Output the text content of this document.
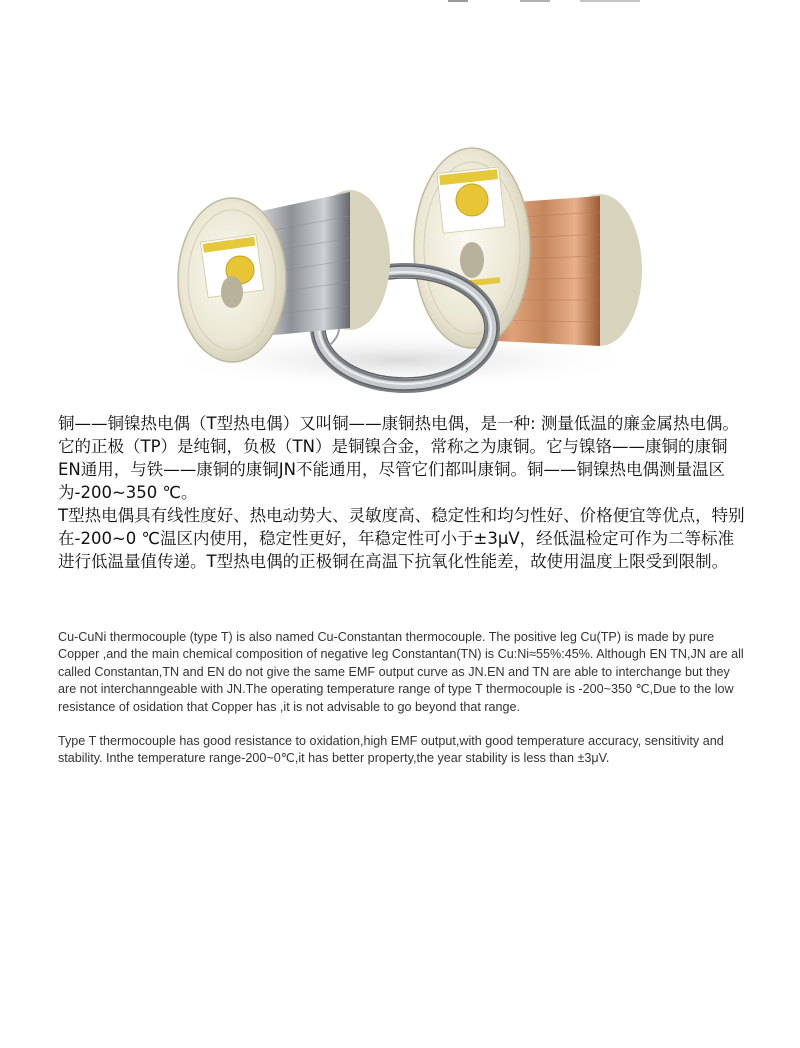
铜——铜镍热电偶（T型热电偶）又叫铜——康铜热电偶，是一种: 测量低温的廉金属热电偶。它的正极（TP）是纯铜，负极（TN）是铜镍合金，常称之为康铜。它与镍铬——康铜的康铜EN通用，与铁——康铜的康铜JN不能通用，尽管它们都叫康铜。铜——铜镍热电偶测量温区为-200~350 ℃。

T型热电偶具有线性度好、热电动势大、灵敏度高、稳定性和均匀性好、价格便宜等优点，特别在-200~0 ℃温区内使用，稳定性更好，年稳定性可小于±3μV，经低温检定可作为二等标准进行低温量值传递。T型热电偶的正极铜在高温下抗氧化性能差，故使用温度上限受到限制。

Cu-CuNi thermocouple (type T) is also named Cu-Constantan thermocouple. The positive leg Cu(TP) is made by pure Copper ,and the main chemical composition of negative leg Constantan(TN) is Cu:Ni≈55%:45%. Although EN TN,JN are all called Constantan,TN and EN do not give the same EMF output curve as JN.EN and TN are able to interchange but they are not interchanngeable with JN.The operating temperature range of type T thermocouple is -200~350 ℃,Due to the low resistance of osidation that Copper has ,it is not advisable to go beyond that range.

Type T thermocouple has good resistance to oxidation,high EMF output,with good temperature accuracy, sensitivity and stability. Inthe temperature range-200~0℃,it has better property,the year stability is less than ±3μV.
